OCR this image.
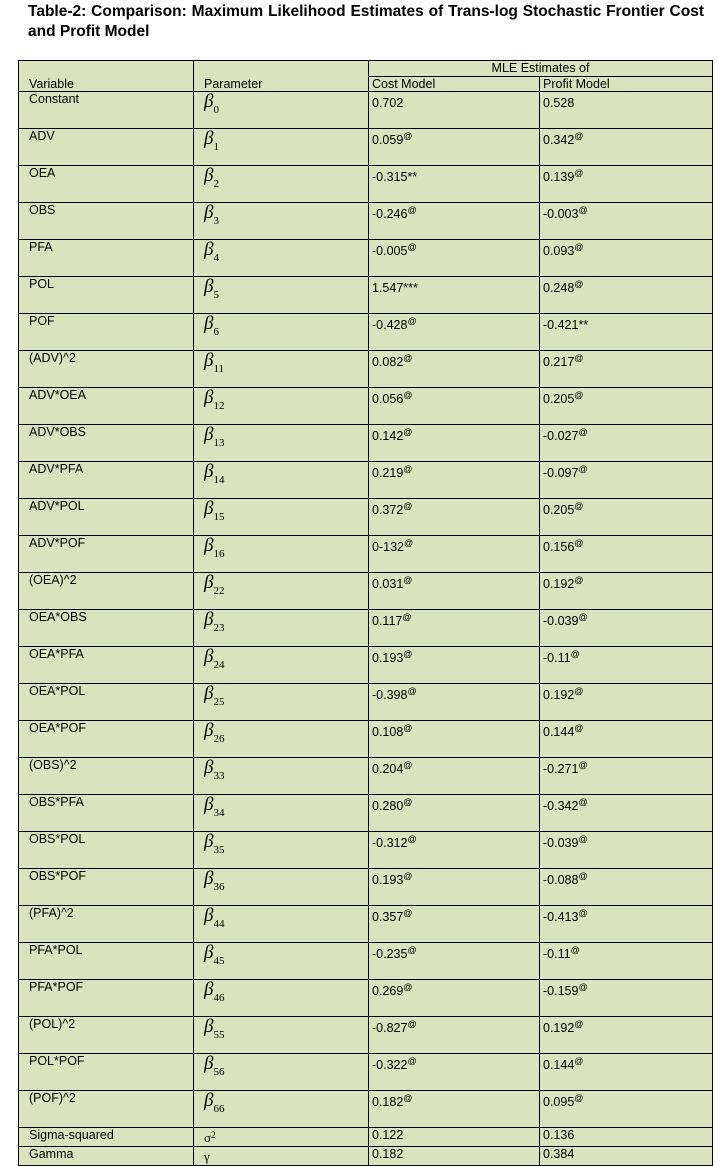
Table-2: Comparison: Maximum Likelihood Estimates of Trans-log Stochastic Frontier Cost and Profit Model
		MLE Estimates of	
Variable	Parameter	Cost Model	Profit Model
Constant	$\beta_0$	0.702	0.528
ADV	$\beta_1$	0.059@	0.342@
OEA	$\beta_2$	-0.315**	0.139@
OBS	$\beta_3$	-0.246@	-0.003@
PFA	$\beta_4$	-0.005@	0.093@
POL	$\beta_5$	1.547***	0.248@
POF	$\beta_6$	-0.428@	-0.421**
(ADV)^2	$\beta_{11}$	0.082@	0.217@
ADV*OEA	$\beta_{12}$	0.056@	0.205@
ADV*OBS	$\beta_{13}$	0.142@	-0.027@
ADV*PFA	$\beta_{14}$	0.219@	-0.097@
ADV*POL	$\beta_{15}$	0.372@	0.205@
ADV*POF	$\beta_{16}$	0-132@	0.156@
(OEA)^2	$\beta_{22}$	0.031@	0.192@
OEA*OBS	$\beta_{23}$	0.117@	-0.039@
OEA*PFA	$\beta_{24}$	0.193@	-0.11@
OEA*POL	$\beta_{25}$	-0.398@	0.192@
OEA*POF	$\beta_{26}$	0.108@	0.144@
(OBS)^2	$\beta_{33}$	0.204@	-0.271@
OBS*PFA	$\beta_{34}$	0.280@	-0.342@
OBS*POL	$\beta_{35}$	-0.312@	-0.039@
OBS*POF	$\beta_{36}$	0.193@	-0.088@
(PFA)^2	$\beta_{44}$	0.357@	-0.413@
PFA*POL	$\beta_{45}$	-0.235@	-0.11@
PFA*POF	$\beta_{46}$	0.269@	-0.159@
(POL)^2	$\beta_{55}$	-0.827@	0.192@
POL*POF	$\beta_{56}$	-0.322@	0.144@
(POF)^2	$\beta_{66}$	0.182@	0.095@
Sigma-squared	$\sigma^2$	0.122	0.136
Gamma	γ	0.182	0.384
